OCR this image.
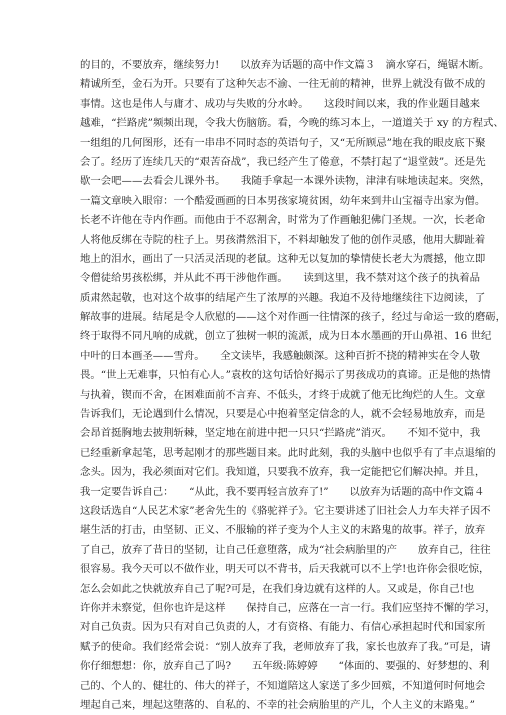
的目的，不要放弃，继续努力!　　以放弃为话题的高中作文篇３　滴水穿石，绳锯木断。
精诚所至，金石为开。只要有了这种矢志不渝、一往无前的精神，世界上就没有做不成的
事情。这也是伟人与庸才、成功与失败的分水岭。　　这段时间以来，我的作业题目越来
越难，“拦路虎”频频出现，令我大伤脑筋。看，今晚的练习本上，一道道关于 xy 的方程式、
一组组的几何图形，还有一串串不同时态的英语句子，又“无所顾忌”地在我的眼皮底下聚
会了。经历了连续几天的“艰苦奋战”，我已经产生了倦意，不禁打起了“退堂鼓”。还是先
歇一会吧——去看会儿课外书。　　我随手拿起一本课外读物，津津有味地读起来。突然，
一篇文章映入眼帘：一个酷爱画画的日本男孩家境贫困，幼年来到井山宝福寺出家为僧。
长老不许他在寺内作画。而他由于不忍割舍，时常为了作画触犯佛门圣规。一次，长老命
人将他反绑在寺院的柱子上。男孩潸然泪下，不料却触发了他的创作灵感，他用大脚趾着
地上的泪水，画出了一只活灵活现的老鼠。这种无以复加的挚情使长老大为震撼，他立即
令僧徒给男孩松绑，并从此不再干涉他作画。　　读到这里，我不禁对这个孩子的执着品
质肃然起敬，也对这个故事的结尾产生了浓厚的兴趣。我迫不及待地继续往下边阅读，了
解故事的进展。结尾是令人欣慰的——这个对作画一往情深的孩子，经过与命运一致的磨砺，
终于取得不同凡响的成就，创立了独树一帜的流派，成为日本水墨画的开山鼻祖、16 世纪
中叶的日本画圣——雪舟。　　全文读毕，我感触颇深。这种百折不挠的精神实在令人敬
畏。“世上无难事，只怕有心人。”袁枚的这句话恰好揭示了男孩成功的真谛。正是他的热情
与执着，锲而不舍，在困难面前不言弃、不低头，才终于成就了他无比绚烂的人生。文章
告诉我们，无论遇到什么情况，只要是心中抱着坚定信念的人，就不会轻易地放弃，而是
会昂首挺胸地去披荆斩棘，坚定地在前进中把一只只“拦路虎”消灭。　　不知不觉中，我
已经重新拿起笔，思考起刚才的那些题目来。此时此刻，我的头脑中也似乎有了丰点退缩的
念头。因为，我必须面对它们。我知道，只要我不放弃，我一定能把它们解决掉。并且，
我一定要告诉自己：　　“从此，我不要再轻言放弃了!”　　以放弃为话题的高中作文篇４
这段话选自“人民艺术家”老舍先生的《骆驼祥子》。它主要讲述了旧社会人力车夫祥子因不
堪生活的打击，由坚韧、正义、不服输的祥子变为个人主义的末路鬼的故事。祥子，放弃
了自己，放弃了昔日的坚韧，让自己任意堕落，成为“社会病胎里的产　　放弃自己，往往
很容易。我今天可以不做作业，明天可以不背书，后天我就可以不上学!也许你会很吃惊，
怎么会如此之快就放弃自己了呢?可是，在我们身边就有这样的人。又或是，你自己!也
许你并未察觉，但你也许是这样　　保持自己，应落在一言一行。我们应坚持不懈的学习，
对自己负责。因为只有对自己负责的人，才有资格、有能力、有信心承担起时代和国家所
赋予的使命。我们经常会说：“别人放弃了我，老师放弃了我，家长也放弃了我。”可是，请
你仔细想想：你，放弃自己了吗?　　五年级:陈婷婷　　“体面的、要强的、好梦想的、利
己的、个人的、健壮的、伟大的祥子，不知道陪这人家送了多少回殡，不知道何时何地会
埋起自己来，埋起这堕落的、自私的、不幸的社会病胎里的产儿，个人主义的末路鬼。”
